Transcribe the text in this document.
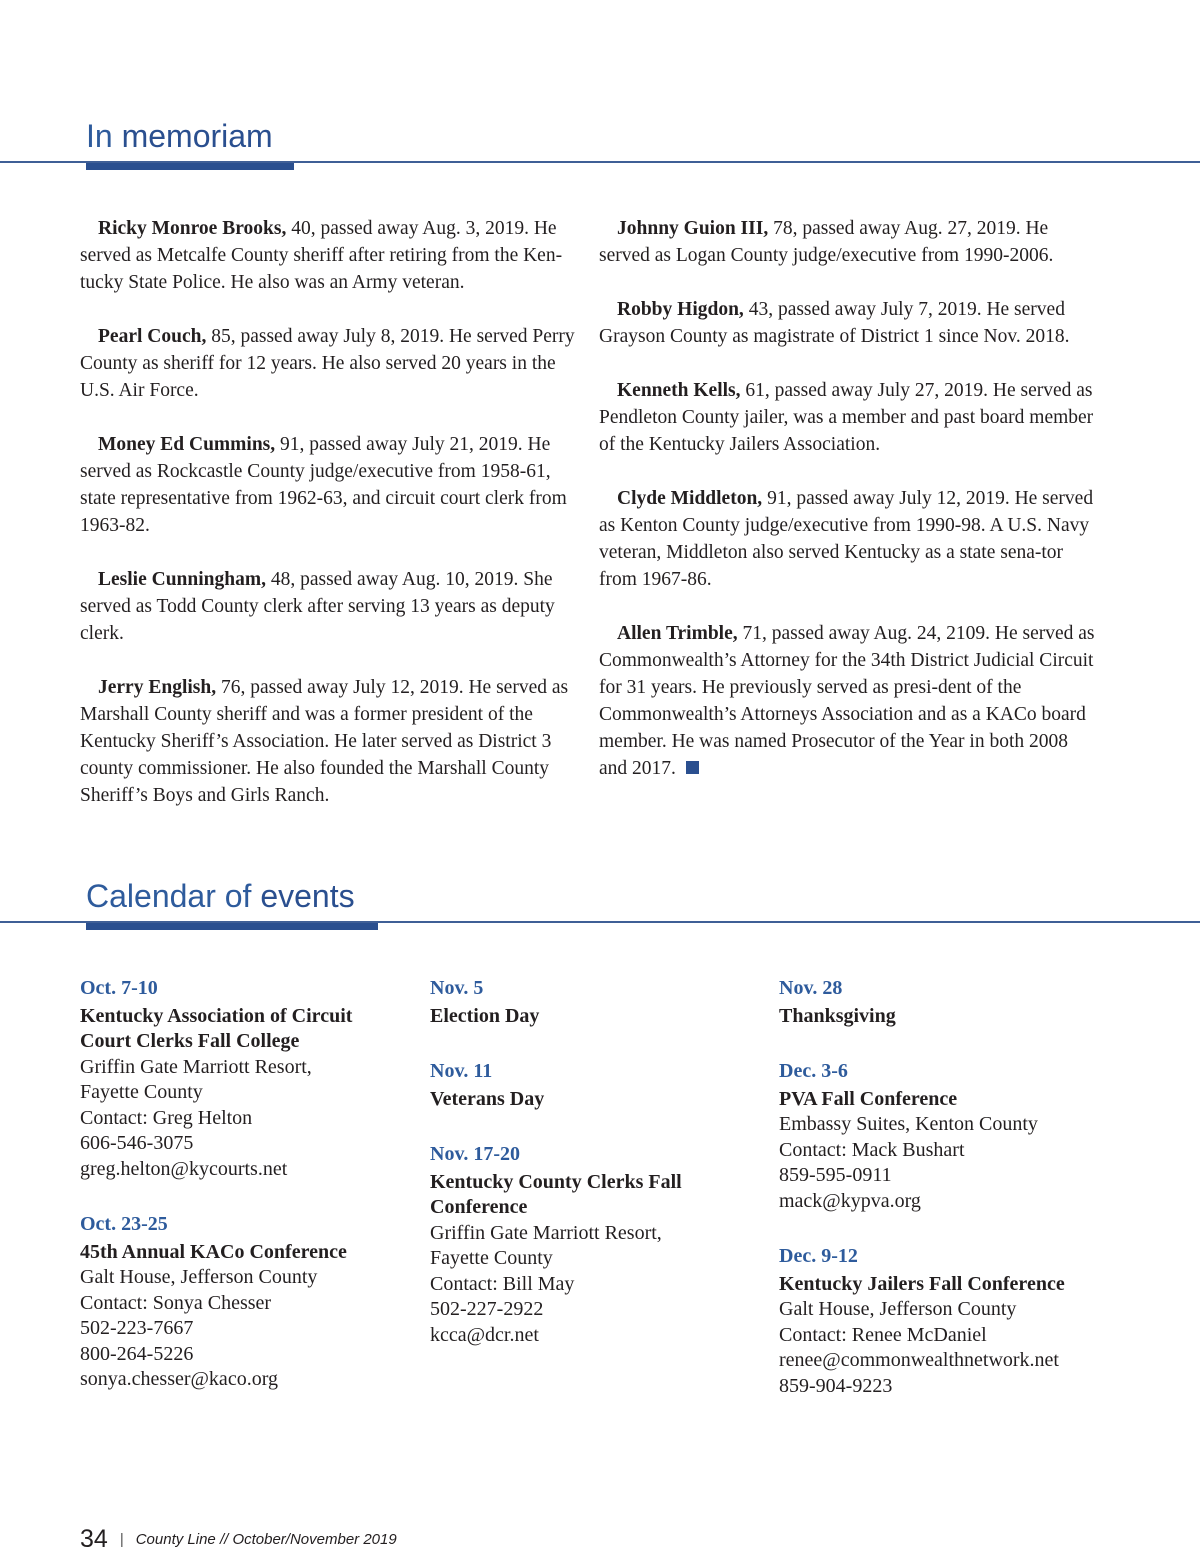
In memoriam

Ricky Monroe Brooks, 40, passed away Aug. 3, 2019. He served as Metcalfe County sheriff after retiring from the Ken-tucky State Police. He also was an Army veteran.

Pearl Couch, 85, passed away July 8, 2019. He served Perry County as sheriff for 12 years. He also served 20 years in the U.S. Air Force.

Money Ed Cummins, 91, passed away July 21, 2019. He served as Rockcastle County judge/executive from 1958-61, state representative from 1962-63, and circuit court clerk from 1963-82.

Leslie Cunningham, 48, passed away Aug. 10, 2019. She served as Todd County clerk after serving 13 years as deputy clerk.

Jerry English, 76, passed away July 12, 2019. He served as Marshall County sheriff and was a former president of the Kentucky Sheriff’s Association. He later served as District 3 county commissioner. He also founded the Marshall County Sheriff’s Boys and Girls Ranch.

Johnny Guion III, 78, passed away Aug. 27, 2019. He served as Logan County judge/executive from 1990-2006.

Robby Higdon, 43, passed away July 7, 2019. He served Grayson County as magistrate of District 1 since Nov. 2018.

Kenneth Kells, 61, passed away July 27, 2019. He served as Pendleton County jailer, was a member and past board member of the Kentucky Jailers Association.

Clyde Middleton, 91, passed away July 12, 2019. He served as Kenton County judge/executive from 1990-98. A U.S. Navy veteran, Middleton also served Kentucky as a state sena-tor from 1967-86.

Allen Trimble, 71, passed away Aug. 24, 2109. He served as Commonwealth’s Attorney for the 34th District Judicial Circuit for 31 years. He previously served as presi-dent of the Commonwealth’s Attorneys Association and as a KACo board member. He was named Prosecutor of the Year in both 2008 and 2017.

Calendar of events
Oct. 7-10
Kentucky Association of Circuit Court Clerks Fall College
Griffin Gate Marriott Resort,
Fayette County
Contact: Greg Helton
606-546-3075
greg.helton@kycourts.net
Oct. 23-25
45th Annual KACo Conference
Galt House, Jefferson County
Contact: Sonya Chesser
502-223-7667
800-264-5226
sonya.chesser@kaco.org
Nov. 5
Election Day
Nov. 11
Veterans Day
Nov. 17-20
Kentucky County Clerks Fall Conference
Griffin Gate Marriott Resort,
Fayette County
Contact: Bill May
502-227-2922
kcca@dcr.net
Nov. 28
Thanksgiving
Dec. 3-6
PVA Fall Conference
Embassy Suites, Kenton County
Contact: Mack Bushart
859-595-0911
mack@kypva.org
Dec. 9-12
Kentucky Jailers Fall Conference
Galt House, Jefferson County
Contact: Renee McDaniel
renee@commonwealthnetwork.net
859-904-9223
34 | County Line // October/November 2019
